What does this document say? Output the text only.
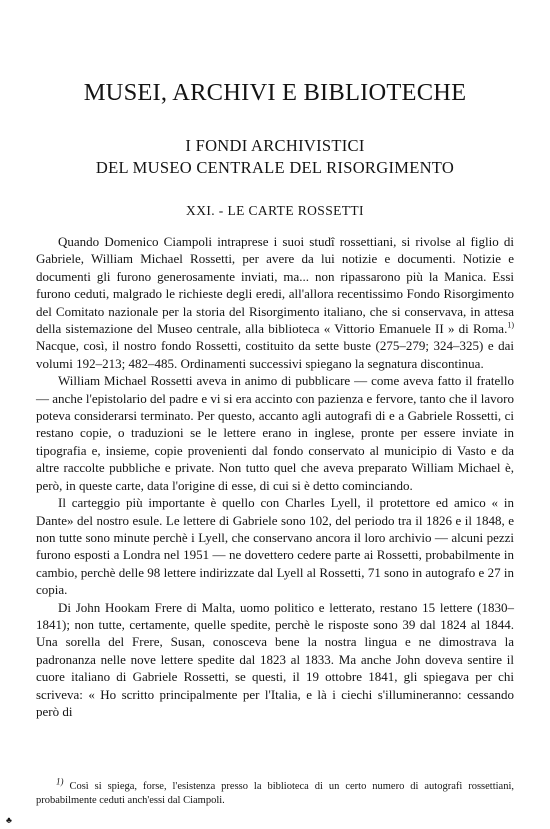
MUSEI, ARCHIVI E BIBLIOTECHE
I FONDI ARCHIVISTICI
DEL MUSEO CENTRALE DEL RISORGIMENTO
XXI. - LE CARTE ROSSETTI

Quando Domenico Ciampoli intraprese i suoi studî rossettiani, si rivolse al figlio di Gabriele, William Michael Rossetti, per avere da lui notizie e documenti. Notizie e documenti gli furono generosamente inviati, ma... non ripassarono più la Manica. Essi furono ceduti, malgrado le richieste degli eredi, all'allora recentissimo Fondo Risorgimento del Comitato nazionale per la storia del Risorgimento italiano, che si conservava, in attesa della sistemazione del Museo centrale, alla biblioteca « Vittorio Emanuele II » di Roma.$^{1)}$ Nacque, così, il nostro fondo Rossetti, costituito da sette buste (275–279; 324–325) e dai volumi 192–213; 482–485. Ordinamenti successivi spiegano la segnatura discontinua.

William Michael Rossetti aveva in animo di pubblicare — come aveva fatto il fratello — anche l'epistolario del padre e vi si era accinto con pazienza e fervore, tanto che il lavoro poteva considerarsi terminato. Per questo, accanto agli autografi di e a Gabriele Rossetti, ci restano copie, o traduzioni se le lettere erano in inglese, pronte per essere inviate in tipografia e, insieme, copie provenienti dal fondo conservato al municipio di Vasto e da altre raccolte pubbliche e private. Non tutto quel che aveva preparato William Michael è, però, in queste carte, data l'origine di esse, di cui si è detto cominciando.

Il carteggio più importante è quello con Charles Lyell, il protettore ed amico « in Dante» del nostro esule. Le lettere di Gabriele sono 102, del periodo tra il 1826 e il 1848, e non tutte sono minute perchè i Lyell, che conservano ancora il loro archivio — alcuni pezzi furono esposti a Londra nel 1951 — ne dovettero cedere parte ai Rossetti, probabilmente in cambio, perchè delle 98 lettere indirizzate dal Lyell al Rossetti, 71 sono in autografo e 27 in copia.

Di John Hookam Frere di Malta, uomo politico e letterato, restano 15 lettere (1830–1841); non tutte, certamente, quelle spedite, perchè le risposte sono 39 dal 1824 al 1844. Una sorella del Frere, Susan, conosceva bene la nostra lingua e ne dimostrava la padronanza nelle nove lettere spedite dal 1823 al 1833. Ma anche John doveva sentire il cuore italiano di Gabriele Rossetti, se questi, il 19 ottobre 1841, gli spiegava per chi scriveva: « Ho scritto principalmente per l'Italia, e là i ciechi s'illumineranno: cessando però di

1) Così si spiega, forse, l'esistenza presso la biblioteca di un certo numero di autografi rossettiani, probabilmente ceduti anch'essi dal Ciampoli.

♣
